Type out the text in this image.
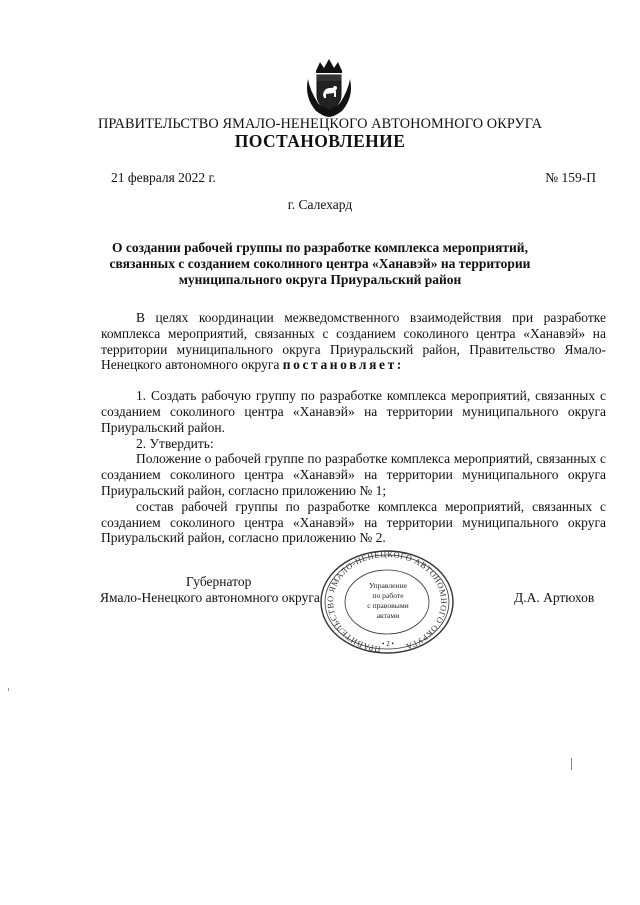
ПРАВИТЕЛЬСТВО ЯМАЛО-НЕНЕЦКОГО АВТОНОМНОГО ОКРУГА
ПОСТАНОВЛЕНИЕ
21 февраля 2022 г.	№ 159-П
г. Салехард
О создании рабочей группы по разработке комплекса мероприятий,
связанных с созданием соколиного центра «Ханавэй» на территории
муниципального округа Приуральский район

В целях координации межведомственного взаимодействия при разработке комплекса мероприятий, связанных с созданием соколиного центра «Ханавэй» на территории муниципального округа Приуральский район, Правительство Ямало-Ненецкого автономного округа постановляет:

1. Создать рабочую группу по разработке комплекса мероприятий, связанных с созданием соколиного центра «Ханавэй» на территории муниципального округа Приуральский район.

2. Утвердить:

Положение о рабочей группе по разработке комплекса мероприятий, связанных с созданием соколиного центра «Ханавэй» на территории муниципального округа Приуральский район, согласно приложению № 1;

состав рабочей группы по разработке комплекса мероприятий, связанных с созданием соколиного центра «Ханавэй» на территории муниципального округа Приуральский район, согласно приложению № 2.

Губернатор
Ямало-Ненецкого автономного округа	Д.А. Артюхов
ПРАВИТЕЛЬСТВО ЯМАЛО-НЕНЕЦКОГО АВТОНОМНОГО ОКРУГА
Управление
по работе
с правовыми
актами
• 2 •
